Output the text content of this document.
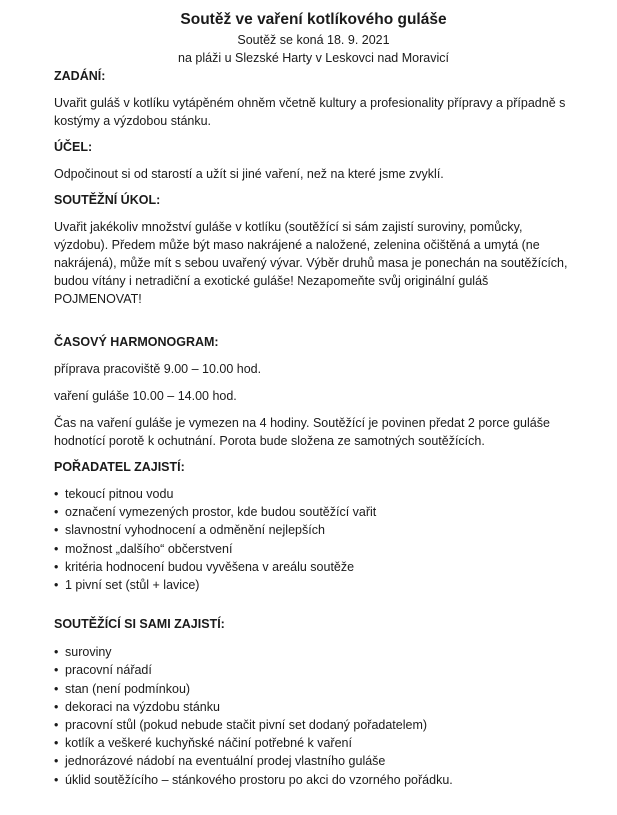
Soutěž ve vaření kotlíkového guláše

Soutěž se koná 18. 9. 2021

na pláži u Slezské Harty v Leskovci nad Moravicí

ZADÁNÍ:

Uvařit guláš v kotlíku vytápěném ohněm včetně kultury a profesionality přípravy a případně s kostýmy a výzdobou stánku.

ÚČEL:

Odpočinout si od starostí a užít si jiné vaření, než na které jsme zvyklí.

SOUTĚŽNÍ ÚKOL:

Uvařit jakékoliv množství guláše v kotlíku (soutěžící si sám zajistí suroviny, pomůcky, výzdobu). Předem může být maso nakrájené a naložené, zelenina očištěná a umytá (ne nakrájená), může mít s sebou uvařený vývar. Výběr druhů masa je ponechán na soutěžících, budou vítány i netradiční a exotické guláše! Nezapomeňte svůj originální guláš POJMENOVAT!

ČASOVÝ HARMONOGRAM:

příprava pracoviště 9.00 – 10.00 hod.

vaření guláše 10.00 – 14.00 hod.

Čas na vaření guláše je vymezen na 4 hodiny. Soutěžící je povinen předat 2 porce guláše hodnotící porotě k ochutnání. Porota bude složena ze samotných soutěžících.

POŘADATEL ZAJISTÍ:

• tekoucí pitnou vodu
• označení vymezených prostor, kde budou soutěžící vařit
• slavnostní vyhodnocení a odměnění nejlepších
• možnost „dalšího“ občerstvení
• kritéria hodnocení budou vyvěšena v areálu soutěže
• 1 pivní set (stůl + lavice)

SOUTĚŽÍCÍ SI SAMI ZAJISTÍ:

• suroviny
• pracovní nářadí
• stan (není podmínkou)
• dekoraci na výzdobu stánku
• pracovní stůl (pokud nebude stačit pivní set dodaný pořadatelem)
• kotlík a veškeré kuchyňské náčiní potřebné k vaření
• jednorázové nádobí na eventuální prodej vlastního guláše
• úklid soutěžícího – stánkového prostoru po akci do vzorného pořádku.
